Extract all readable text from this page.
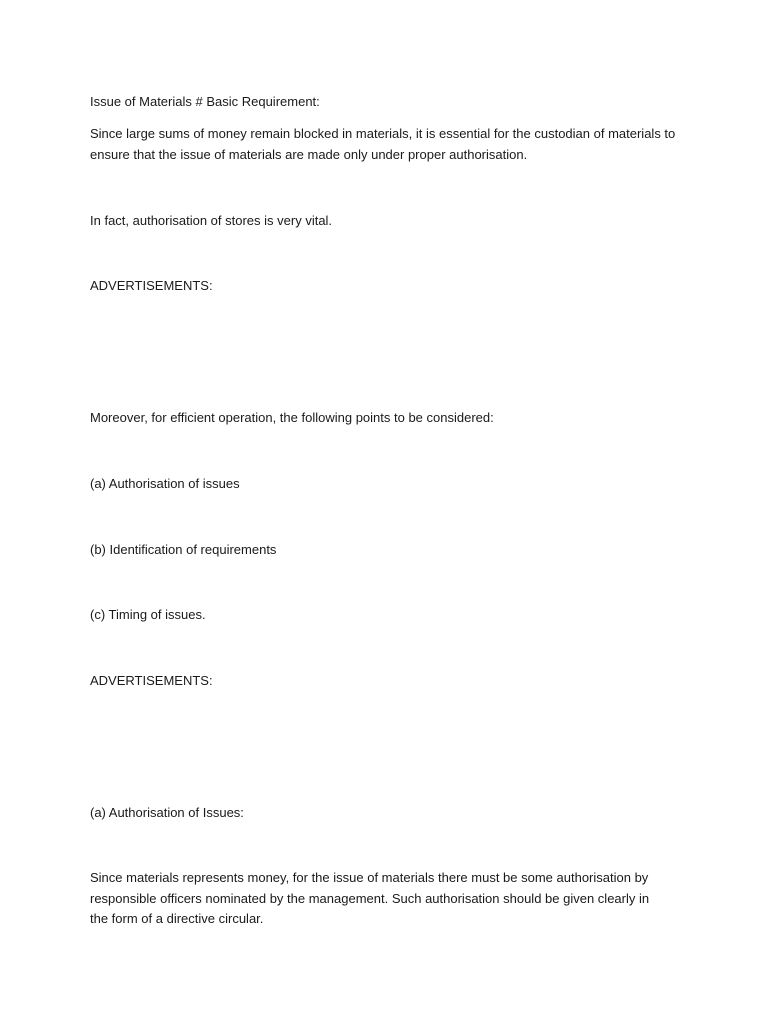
Issue of Materials # Basic Requirement:

Since large sums of money remain blocked in materials, it is essential for the custodian of materials to ensure that the issue of materials are made only under proper authorisation.

In fact, authorisation of stores is very vital.

ADVERTISEMENTS:

Moreover, for efficient operation, the following points to be considered:

(a) Authorisation of issues

(b) Identification of requirements

(c) Timing of issues.

ADVERTISEMENTS:

(a) Authorisation of Issues:

Since materials represents money, for the issue of materials there must be some authorisation by responsible officers nominated by the management. Such authorisation should be given clearly in the form of a directive circular.
